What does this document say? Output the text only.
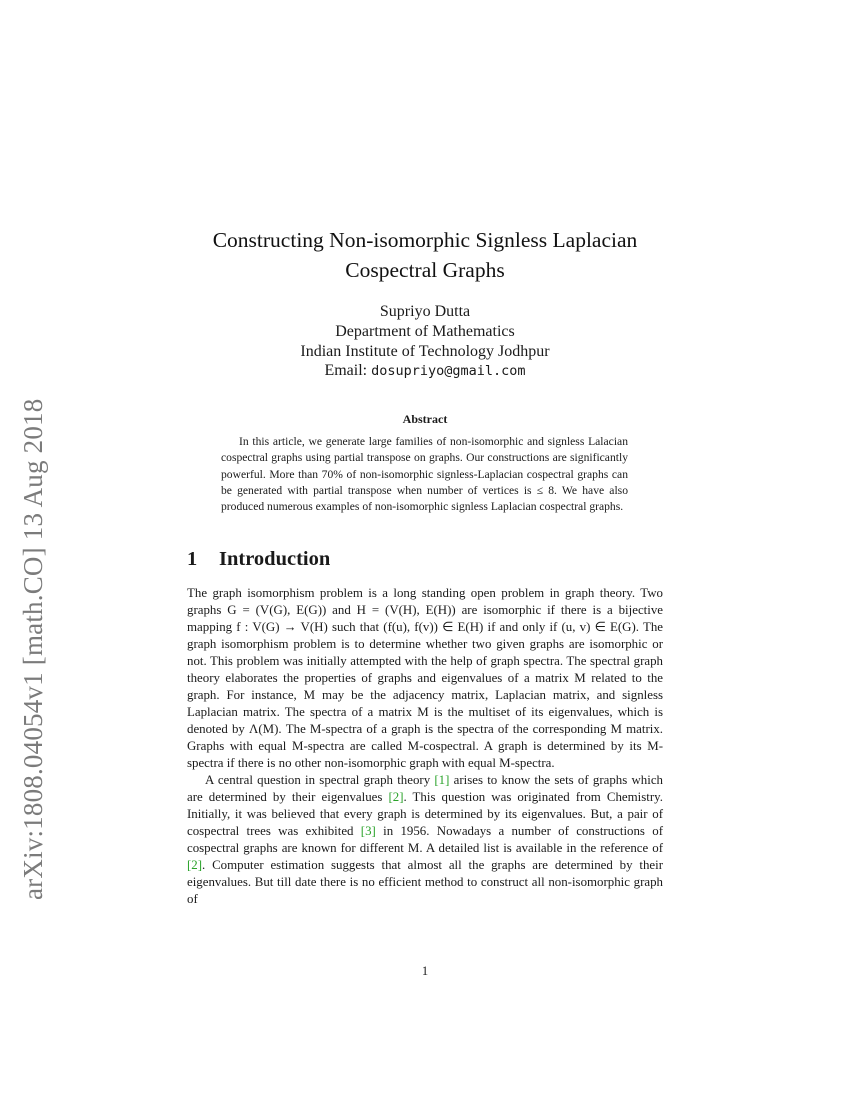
arXiv:1808.04054v1 [math.CO] 13 Aug 2018
Constructing Non-isomorphic Signless Laplacian
Cospectral Graphs
Supriyo Dutta
Department of Mathematics
Indian Institute of Technology Jodhpur
Email: dosupriyo@gmail.com
Abstract
In this article, we generate large families of non-isomorphic and signless Lalacian cospectral graphs using partial transpose on graphs. Our constructions are significantly powerful. More than 70% of non-isomorphic signless-Laplacian cospectral graphs can be generated with partial transpose when number of vertices is ≤ 8. We have also produced numerous examples of non-isomorphic signless Laplacian cospectral graphs.
1 Introduction

The graph isomorphism problem is a long standing open problem in graph theory. Two graphs G = (V(G), E(G)) and H = (V(H), E(H)) are isomorphic if there is a bijective mapping f : V(G) → V(H) such that (f(u), f(v)) ∈ E(H) if and only if (u, v) ∈ E(G). The graph isomorphism problem is to determine whether two given graphs are isomorphic or not. This problem was initially attempted with the help of graph spectra. The spectral graph theory elaborates the properties of graphs and eigenvalues of a matrix M related to the graph. For instance, M may be the adjacency matrix, Laplacian matrix, and signless Laplacian matrix. The spectra of a matrix M is the multiset of its eigenvalues, which is denoted by Λ(M). The M-spectra of a graph is the spectra of the corresponding M matrix. Graphs with equal M-spectra are called M-cospectral. A graph is determined by its M-spectra if there is no other non-isomorphic graph with equal M-spectra.

A central question in spectral graph theory [1] arises to know the sets of graphs which are determined by their eigenvalues [2]. This question was originated from Chemistry. Initially, it was believed that every graph is determined by its eigenvalues. But, a pair of cospectral trees was exhibited [3] in 1956. Nowadays a number of constructions of cospectral graphs are known for different M. A detailed list is available in the reference of [2]. Computer estimation suggests that almost all the graphs are determined by their eigenvalues. But till date there is no efficient method to construct all non-isomorphic graph of

1
